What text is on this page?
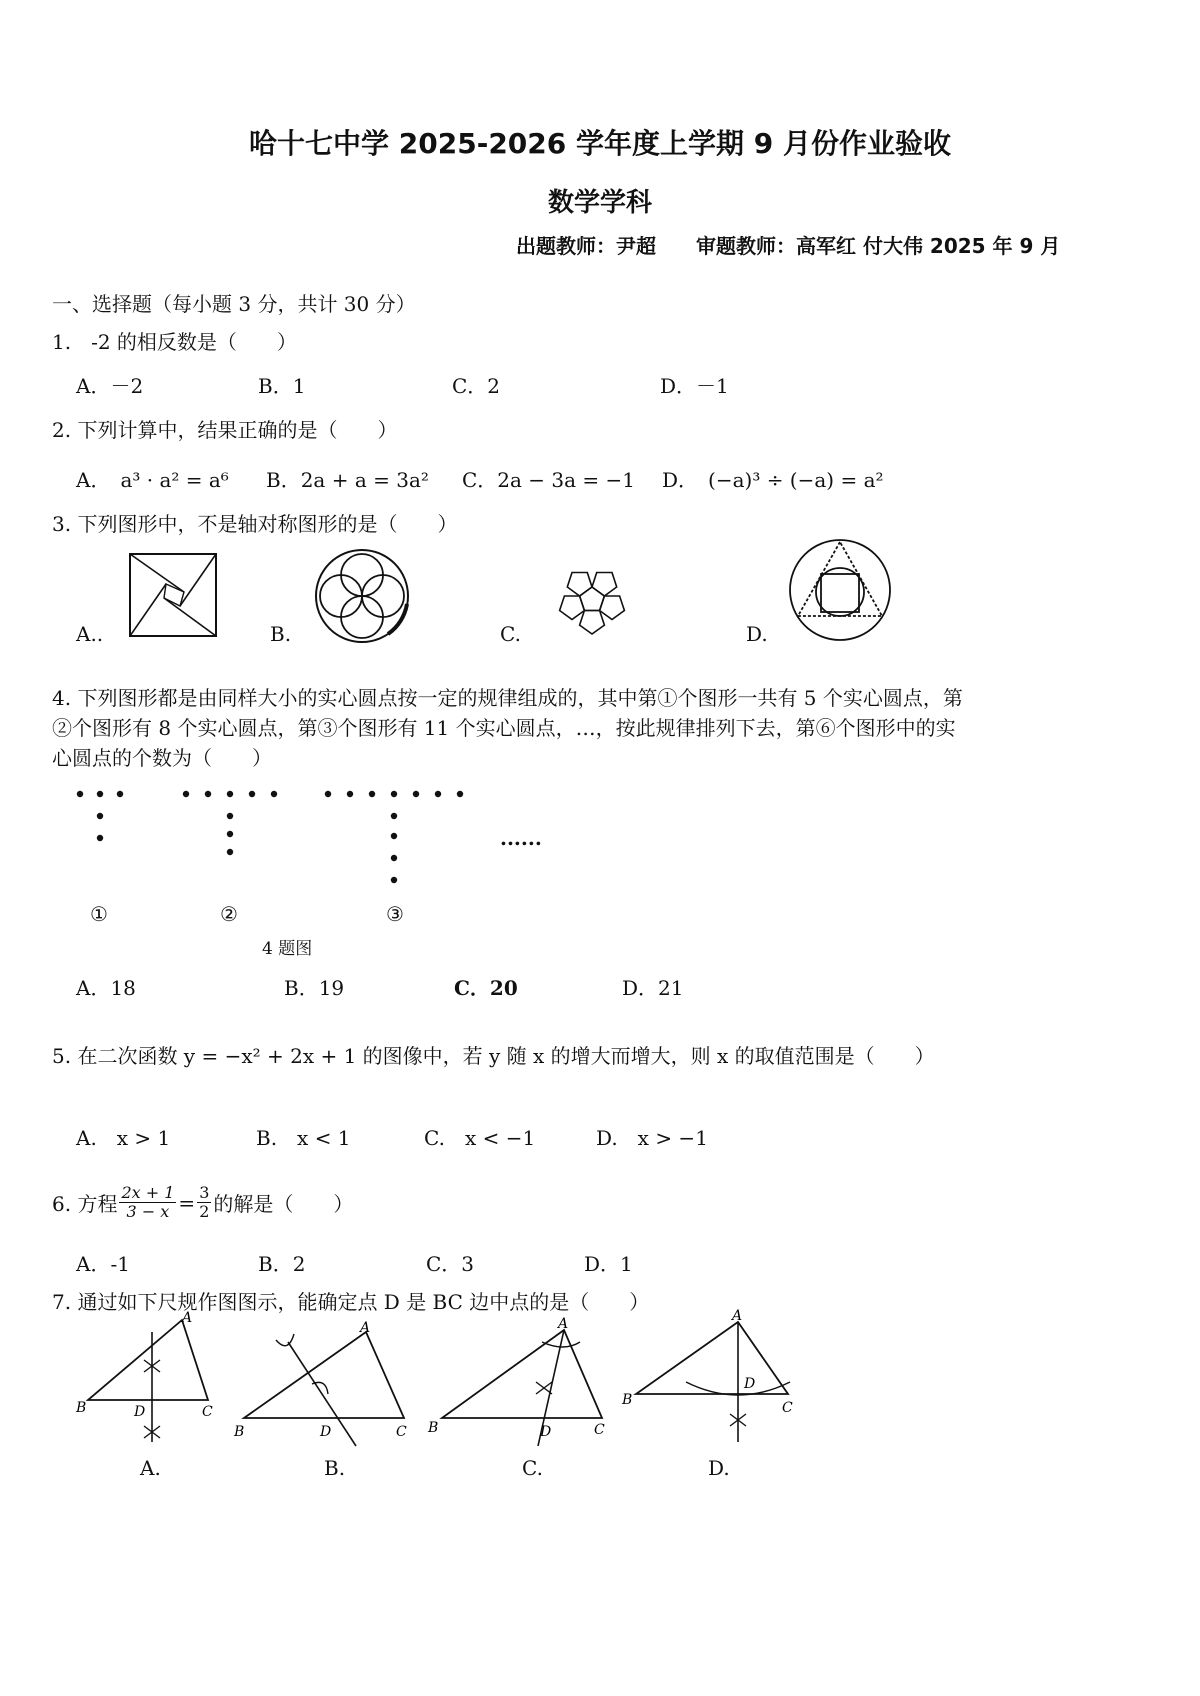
哈十七中学 2025-2026 学年度上学期 9 月份作业验收
数学学科
出题教师：尹超　　审题教师：高军红 付大伟 2025 年 9 月
一、选择题（每小题 3 分，共计 30 分）
1.　-2 的相反数是（　　）
A．－2	B．1	C．2	D．－1
2. 下列计算中，结果正确的是（　　）
A．　a³ · a² = a⁶ B．2a + a = 3a² C．2a − 3a = −1 D．　(−a)³ ÷ (−a) = a²
3. 下列图形中，不是轴对称图形的是（　　）
A..	B.	C.	D.
4. 下列图形都是由同样大小的实心圆点按一定的规律组成的，其中第①个图形一共有 5 个实心圆点，第
②个图形有 8 个实心圆点，第③个图形有 11 个实心圆点，…，按此规律排列下去，第⑥个图形中的实
心圆点的个数为（　　）
......
①	②	③
4 题图
A．18	B．19	C．20	D．21
5. 在二次函数 y = −x² + 2x + 1 的图像中，若 y 随 x 的增大而增大，则 x 的取值范围是（　　）
A.　x > 1	B.　x < 1	C.　x < −1	D.　x > −1
6. 方程 $\frac{2x + 1}{3 - x} = \frac{3}{2}$ 的解是（　　）
A．-1	B．2	C．3	D．1
7. 通过如下尺规作图图示，能确定点 D 是 BC 边中点的是（　　）
A
B	C
D
A.
A
B	C
D
B.
A
B	C
D
C.
A
B	C
D
D.
